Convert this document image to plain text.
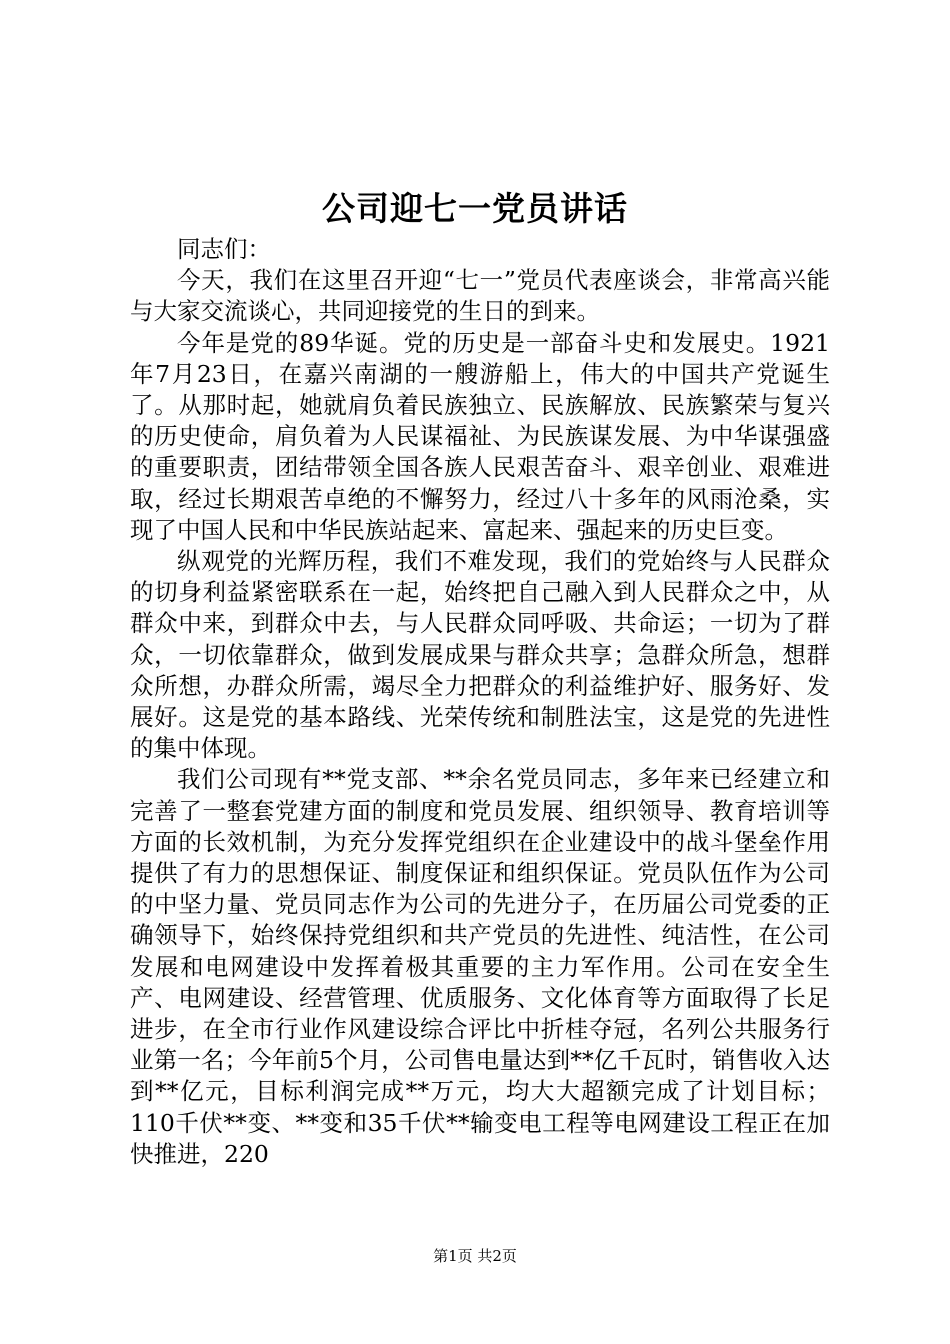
公司迎七一党员讲话

同志们：

今天，我们在这里召开迎“七一”党员代表座谈会，非常高兴能与大家交流谈心，共同迎接党的生日的到来。

今年是党的89华诞。党的历史是一部奋斗史和发展史。1921年7月23日，在嘉兴南湖的一艘游船上，伟大的中国共产党诞生了。从那时起，她就肩负着民族独立、民族解放、民族繁荣与复兴的历史使命，肩负着为人民谋福祉、为民族谋发展、为中华谋强盛的重要职责，团结带领全国各族人民艰苦奋斗、艰辛创业、艰难进取，经过长期艰苦卓绝的不懈努力，经过八十多年的风雨沧桑，实现了中国人民和中华民族站起来、富起来、强起来的历史巨变。

纵观党的光辉历程，我们不难发现，我们的党始终与人民群众的切身利益紧密联系在一起，始终把自己融入到人民群众之中，从群众中来，到群众中去，与人民群众同呼吸、共命运；一切为了群众，一切依靠群众，做到发展成果与群众共享；急群众所急，想群众所想，办群众所需，竭尽全力把群众的利益维护好、服务好、发展好。这是党的基本路线、光荣传统和制胜法宝，这是党的先进性的集中体现。

我们公司现有**党支部、**余名党员同志，多年来已经建立和完善了一整套党建方面的制度和党员发展、组织领导、教育培训等方面的长效机制，为充分发挥党组织在企业建设中的战斗堡垒作用提供了有力的思想保证、制度保证和组织保证。党员队伍作为公司的中坚力量、党员同志作为公司的先进分子，在历届公司党委的正确领导下，始终保持党组织和共产党员的先进性、纯洁性，在公司发展和电网建设中发挥着极其重要的主力军作用。公司在安全生产、电网建设、经营管理、优质服务、文化体育等方面取得了长足进步，在全市行业作风建设综合评比中折桂夺冠，名列公共服务行业第一名；今年前5个月，公司售电量达到**亿千瓦时，销售收入达到**亿元，目标利润完成**万元，均大大超额完成了计划目标；110千伏**变、**变和35千伏**输变电工程等电网建设工程正在加快推进，220

第1页 共2页
